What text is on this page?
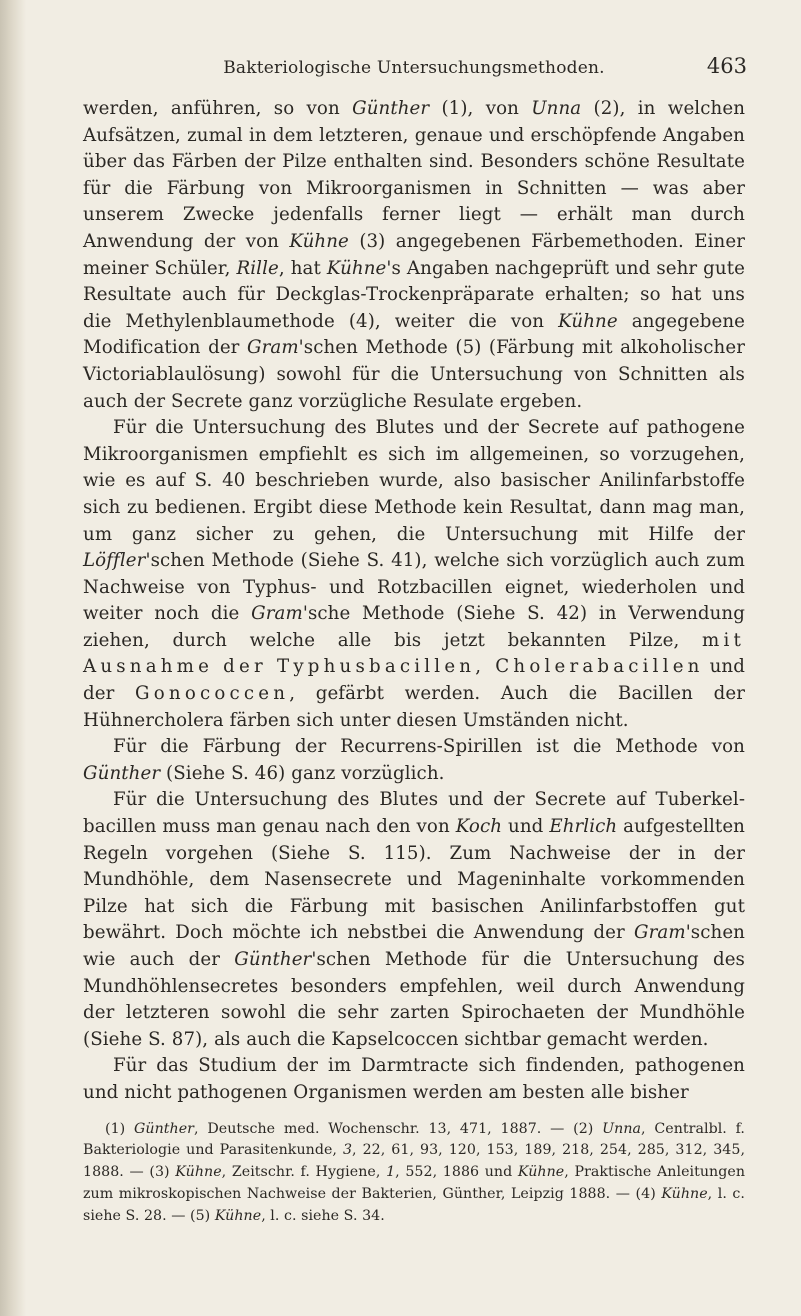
Bakteriologische Untersuchungsmethoden.	463

werden, anführen, so von Günther (1), von Unna (2), in welchen Aufsätzen, zumal in dem letzteren, genaue und erschöpfende Angaben über das Färben der Pilze enthalten sind. Besonders schöne Resultate für die Färbung von Mikroorganismen in Schnitten — was aber unserem Zwecke jedenfalls ferner liegt — erhält man durch Anwendung der von Kühne (3) angegebenen Färbemethoden. Einer meiner Schüler, Rille, hat Kühne's Angaben nachgeprüft und sehr gute Resultate auch für Deckglas-Trockenpräparate erhalten; so hat uns die Methylenblaumethode (4), weiter die von Kühne angegebene Modification der Gram'schen Methode (5) (Färbung mit alkoholischer Victoriablaulösung) sowohl für die Untersuchung von Schnitten als auch der Secrete ganz vorzügliche Resulate ergeben.

Für die Untersuchung des Blutes und der Secrete auf pathogene Mikroorganismen empfiehlt es sich im allgemeinen, so vorzugehen, wie es auf S. 40 beschrieben wurde, also basischer Anilinfarbstoffe sich zu bedienen. Ergibt diese Methode kein Resultat, dann mag man, um ganz sicher zu gehen, die Untersuchung mit Hilfe der Löffler'schen Methode (Siehe S. 41), welche sich vorzüglich auch zum Nachweise von Typhus- und Rotzbacillen eignet, wiederholen und weiter noch die Gram'sche Methode (Siehe S. 42) in Verwendung ziehen, durch welche alle bis jetzt bekannten Pilze, mit Ausnahme der Typhusbacillen, Cholerabacillen und der Gonococcen, gefärbt werden. Auch die Bacillen der Hühnercholera färben sich unter diesen Umständen nicht.

Für die Färbung der Recurrens-Spirillen ist die Methode von Günther (Siehe S. 46) ganz vorzüglich.

Für die Untersuchung des Blutes und der Secrete auf Tuberkelbacillen muss man genau nach den von Koch und Ehrlich aufgestellten Regeln vorgehen (Siehe S. 115). Zum Nachweise der in der Mundhöhle, dem Nasensecrete und Mageninhalte vorkommenden Pilze hat sich die Färbung mit basischen Anilinfarbstoffen gut bewährt. Doch möchte ich nebstbei die Anwendung der Gram'schen wie auch der Günther'schen Methode für die Untersuchung des Mundhöhlensecretes besonders empfehlen, weil durch Anwendung der letzteren sowohl die sehr zarten Spirochaeten der Mundhöhle (Siehe S. 87), als auch die Kapselcoccen sichtbar gemacht werden.

Für das Studium der im Darmtracte sich findenden, pathogenen und nicht pathogenen Organismen werden am besten alle bisher

(1) Günther, Deutsche med. Wochenschr. 13, 471, 1887. — (2) Unna, Centralbl. f. Bakteriologie und Parasitenkunde, 3, 22, 61, 93, 120, 153, 189, 218, 254, 285, 312, 345, 1888. — (3) Kühne, Zeitschr. f. Hygiene, 1, 552, 1886 und Kühne, Praktische Anleitungen zum mikroskopischen Nachweise der Bakterien, Günther, Leipzig 1888. — (4) Kühne, l. c. siehe S. 28. — (5) Kühne, l. c. siehe S. 34.
